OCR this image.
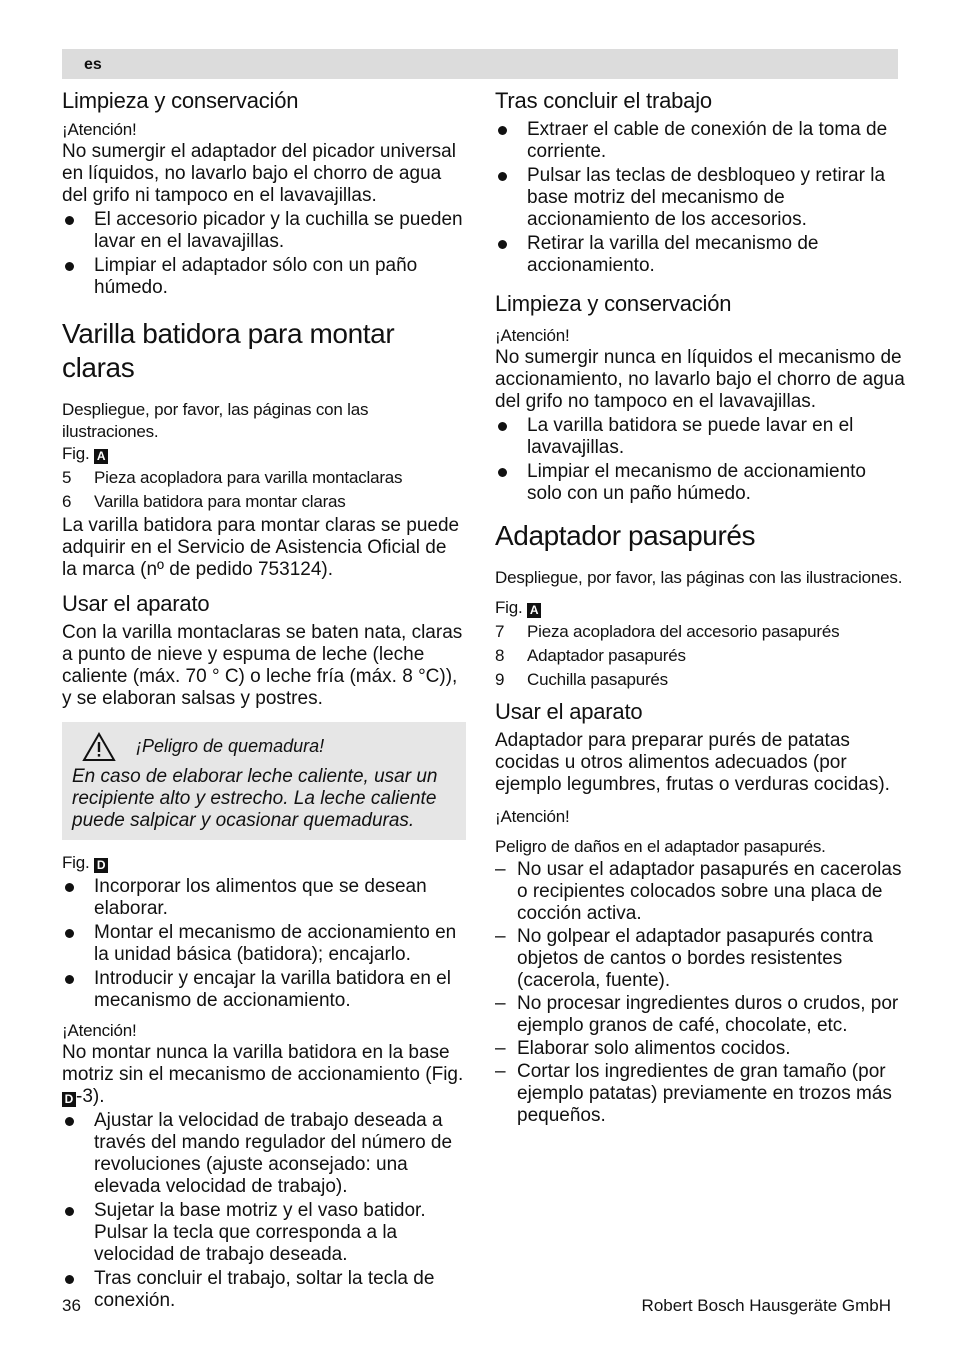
es
Limpieza y conservación

¡Atención!

No sumergir el adaptador del picador universal en líquidos, no lavarlo bajo el chorro de agua del grifo ni tampoco en el lavavajillas.

El accesorio picador y la cuchilla se pueden lavar en el lavavajillas.
Limpiar el adaptador sólo con un paño húmedo.
Varilla batidora para montar claras

Despliegue, por favor, las páginas con las ilustraciones.

Fig. A

5 Pieza acopladora para varilla montaclaras
6 Varilla batidora para montar claras

La varilla batidora para montar claras se puede adquirir en el Servicio de Asistencia Oficial de la marca (nº de pedido 753124).

Usar el aparato

Con la varilla montaclaras se baten nata, claras a punto de nieve y espuma de leche (leche caliente (máx. 70 ° C) o leche fría (máx. 8 °C)), y se elaboran salsas y postres.

¡Peligro de quemadura!

En caso de elaborar leche caliente, usar un recipiente alto y estrecho. La leche caliente puede salpicar y ocasionar quemaduras.

Fig. D

Incorporar los alimentos que se desean elaborar.
Montar el mecanismo de accionamiento en la unidad básica (batidora); encajarlo.
Introducir y encajar la varilla batidora en el mecanismo de accionamiento.

¡Atención!

No montar nunca la varilla batidora en la base motriz sin el mecanismo de accionamiento (Fig. D -3).

Ajustar la velocidad de trabajo deseada a través del mando regulador del número de revoluciones (ajuste aconsejado: una elevada velocidad de trabajo).
Sujetar la base motriz y el vaso batidor. Pulsar la tecla que corresponda a la velocidad de trabajo deseada.
Tras concluir el trabajo, soltar la tecla de conexión.
Tras concluir el trabajo
Extraer el cable de conexión de la toma de corriente.
Pulsar las teclas de desbloqueo y retirar la base motriz del mecanismo de accionamiento de los accesorios.
Retirar la varilla del mecanismo de accionamiento.
Limpieza y conservación

¡Atención!

No sumergir nunca en líquidos el mecanismo de accionamiento, no lavarlo bajo el chorro de agua del grifo no tampoco en el lavavajillas.

La varilla batidora se puede lavar en el lavavajillas.
Limpiar el mecanismo de accionamiento solo con un paño húmedo.
Adaptador pasapurés

Despliegue, por favor, las páginas con las ilustraciones.

Fig. A

7 Pieza acopladora del accesorio pasapurés
8 Adaptador pasapurés
9 Cuchilla pasapurés
Usar el aparato

Adaptador para preparar purés de patatas cocidas u otros alimentos adecuados (por ejemplo legumbres, frutas o verduras cocidas).

¡Atención!

Peligro de daños en el adaptador pasapurés.

– No usar el adaptador pasapurés en cacerolas o recipientes colocados sobre una placa de cocción activa.
– No golpear el adaptador pasapurés contra objetos de cantos o bordes resistentes (cacerola, fuente).
– No procesar ingredientes duros o crudos, por ejemplo granos de café, chocolate, etc.
– Elaborar solo alimentos cocidos.
– Cortar los ingredientes de gran tamaño (por ejemplo patatas) previamente en trozos más pequeños.
36	Robert Bosch Hausgeräte GmbH
